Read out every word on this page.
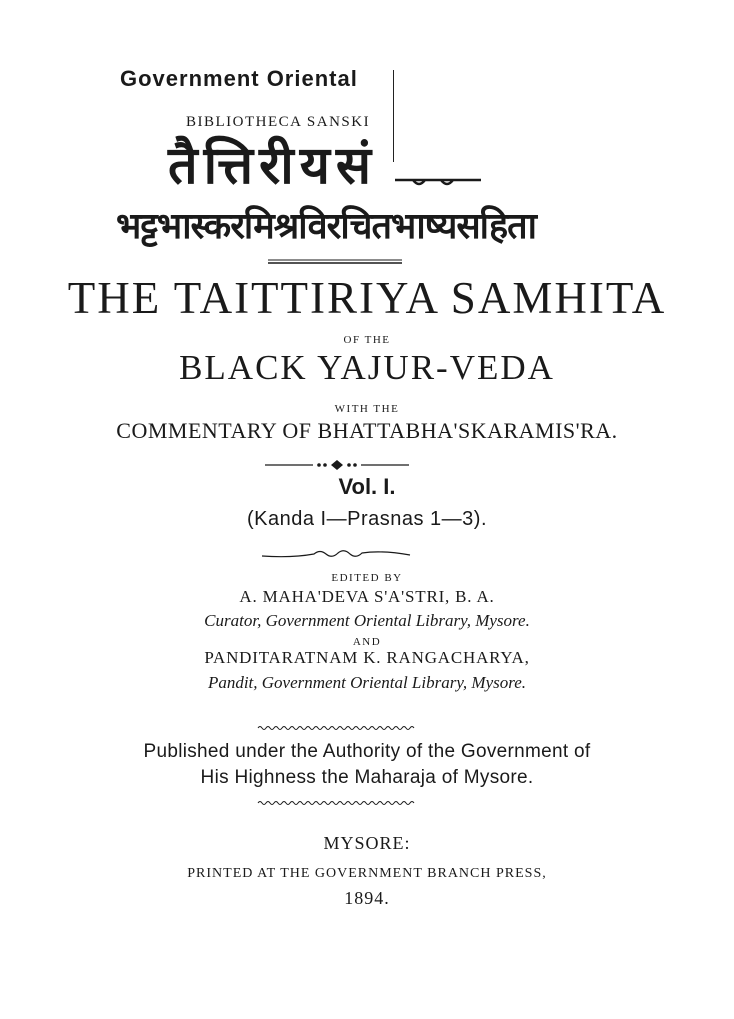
Government Oriental
BIBLIOTHECA SANSKI
तैत्तिरीयसं
भट्टभास्करमिश्रविरचितभाष्यसहिता
THE TAITTIRIYA SAMHITA
OF THE
BLACK YAJUR-VEDA
WITH THE
COMMENTARY OF BHATTABHA'SKARAMIS'RA.
Vol. I.
(Kanda I—Prasnas 1—3).
EDITED BY
A. MAHA'DEVA S'A'STRI, B. A.
Curator, Government Oriental Library, Mysore.
AND
PANDITARATNAM K. RANGACHARYA,
Pandit, Government Oriental Library, Mysore.
Published under the Authority of the Government of
His Highness the Maharaja of Mysore.
MYSORE:
PRINTED AT THE GOVERNMENT BRANCH PRESS,
1894.
